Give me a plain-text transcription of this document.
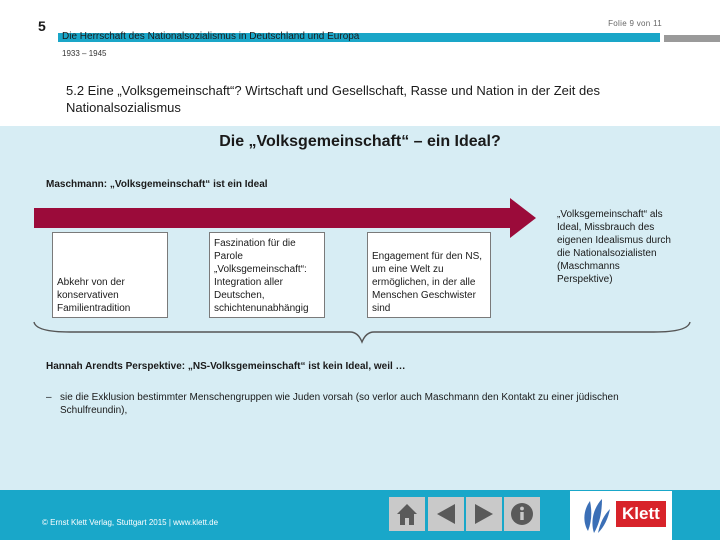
5	Folie 9 von 11
Die Herrschaft des Nationalsozialismus in Deutschland und Europa
1933 – 1945
5.2 Eine „Volksgemeinschaft“? Wirtschaft und Gesellschaft, Rasse und Nation in der Zeit des Nationalsozialismus
Die „Volksgemeinschaft“ – ein Ideal?
Maschmann: „Volksgemeinschaft“ ist ein Ideal
Abkehr von der konservativen Familientradition
Faszination für die Parole „Volksgemeinschaft“: Integration aller Deutschen, schichtenunabhängig
Engagement für den NS, um eine Welt zu ermöglichen, in der alle Menschen Geschwister sind
„Volksgemeinschaft“ als Ideal, Missbrauch des eigenen Idealismus durch die Nationalsozialisten (Maschmanns Perspektive)
Hannah Arendts Perspektive: „NS-Volksgemeinschaft“ ist kein Ideal, weil …
– sie die Exklusion bestimmter Menschengruppen wie Juden vorsah (so verlor auch Maschmann den Kontakt zu einer jüdischen Schulfreundin),
© Ernst Klett Verlag, Stuttgart 2015 | www.klett.de	Klett
